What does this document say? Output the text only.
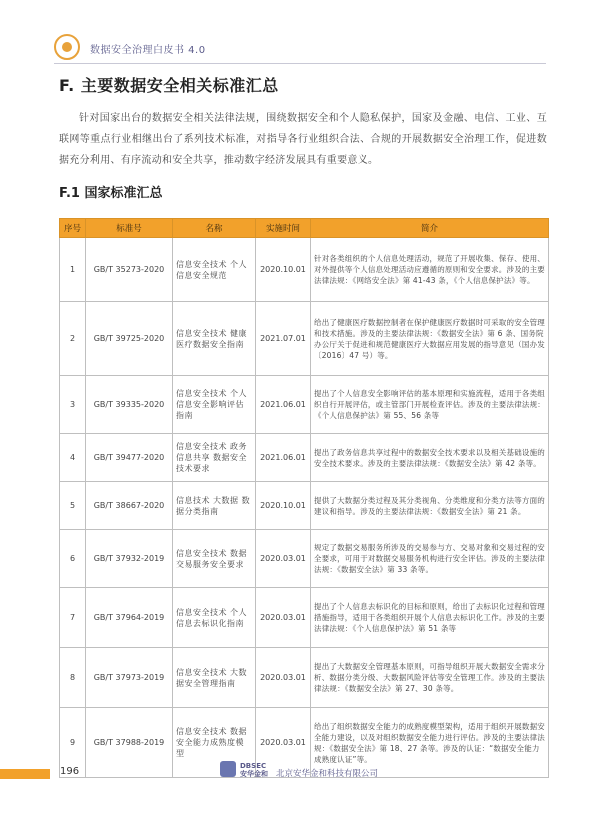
数据安全治理白皮书 4.0
F. 主要数据安全相关标准汇总
针对国家出台的数据安全相关法律法规，围绕数据安全和个人隐私保护，国家及金融、电信、工业、互联网等重点行业相继出台了系列技术标准，对指导各行业组织合法、合规的开展数据安全治理工作，促进数据充分利用、有序流动和安全共享，推动数字经济发展具有重要意义。
F.1 国家标准汇总
序号	标准号	名称	实施时间	简介
1	GB/T 35273-2020	信息安全技术 个人信息安全规范	2020.10.01	针对各类组织的个人信息处理活动，规范了开展收集、保存、使用、对外提供等个人信息处理活动应遵循的原则和安全要求。涉及的主要法律法规：《网络安全法》第 41-43 条，《个人信息保护法》等。
2	GB/T 39725-2020	信息安全技术 健康医疗数据安全指南	2021.07.01	给出了健康医疗数据控制者在保护健康医疗数据时可采取的安全管理和技术措施。涉及的主要法律法规：《数据安全法》第 6 条、国务院办公厅关于促进和规范健康医疗大数据应用发展的指导意见（国办发〔2016〕47 号）等。
3	GB/T 39335-2020	信息安全技术 个人信息安全影响评估指南	2021.06.01	提出了个人信息安全影响评估的基本原理和实施流程，适用于各类组织自行开展评估，或主管部门开展检查评估。涉及的主要法律法规：《个人信息保护法》第 55、56 条等
4	GB/T 39477-2020	信息安全技术 政务信息共享 数据安全技术要求	2021.06.01	提出了政务信息共享过程中的数据安全技术要求以及相关基础设施的安全技术要求。涉及的主要法律法规：《数据安全法》第 42 条等。
5	GB/T 38667-2020	信息技术 大数据 数据分类指南	2020.10.01	提供了大数据分类过程及其分类视角、分类维度和分类方法等方面的建议和指导。涉及的主要法律法规：《数据安全法》第 21 条。
6	GB/T 37932-2019	信息安全技术 数据交易服务安全要求	2020.03.01	规定了数据交易服务所涉及的交易参与方、交易对象和交易过程的安全要求，可用于对数据交易服务机构进行安全评估。涉及的主要法律法规：《数据安全法》第 33 条等。
7	GB/T 37964-2019	信息安全技术 个人信息去标识化指南	2020.03.01	提出了个人信息去标识化的目标和原则，给出了去标识化过程和管理措施指导，适用于各类组织开展个人信息去标识化工作。涉及的主要法律法规：《个人信息保护法》第 51 条等
8	GB/T 37973-2019	信息安全技术 大数据安全管理指南	2020.03.01	提出了大数据安全管理基本原则，可指导组织开展大数据安全需求分析、数据分类分级、大数据风险评估等安全管理工作。涉及的主要法律法规：《数据安全法》第 27、30 条等。
9	GB/T 37988-2019	信息安全技术 数据安全能力成熟度模型	2020.03.01	给出了组织数据安全能力的成熟度模型架构，适用于组织开展数据安全能力建设，以及对组织数据安全能力进行评估。涉及的主要法律法规：《数据安全法》第 18、27 条等。涉及的认证：“数据安全能力成熟度认证”等。
196	DBSEC
安华金和 北京安华金和科技有限公司
